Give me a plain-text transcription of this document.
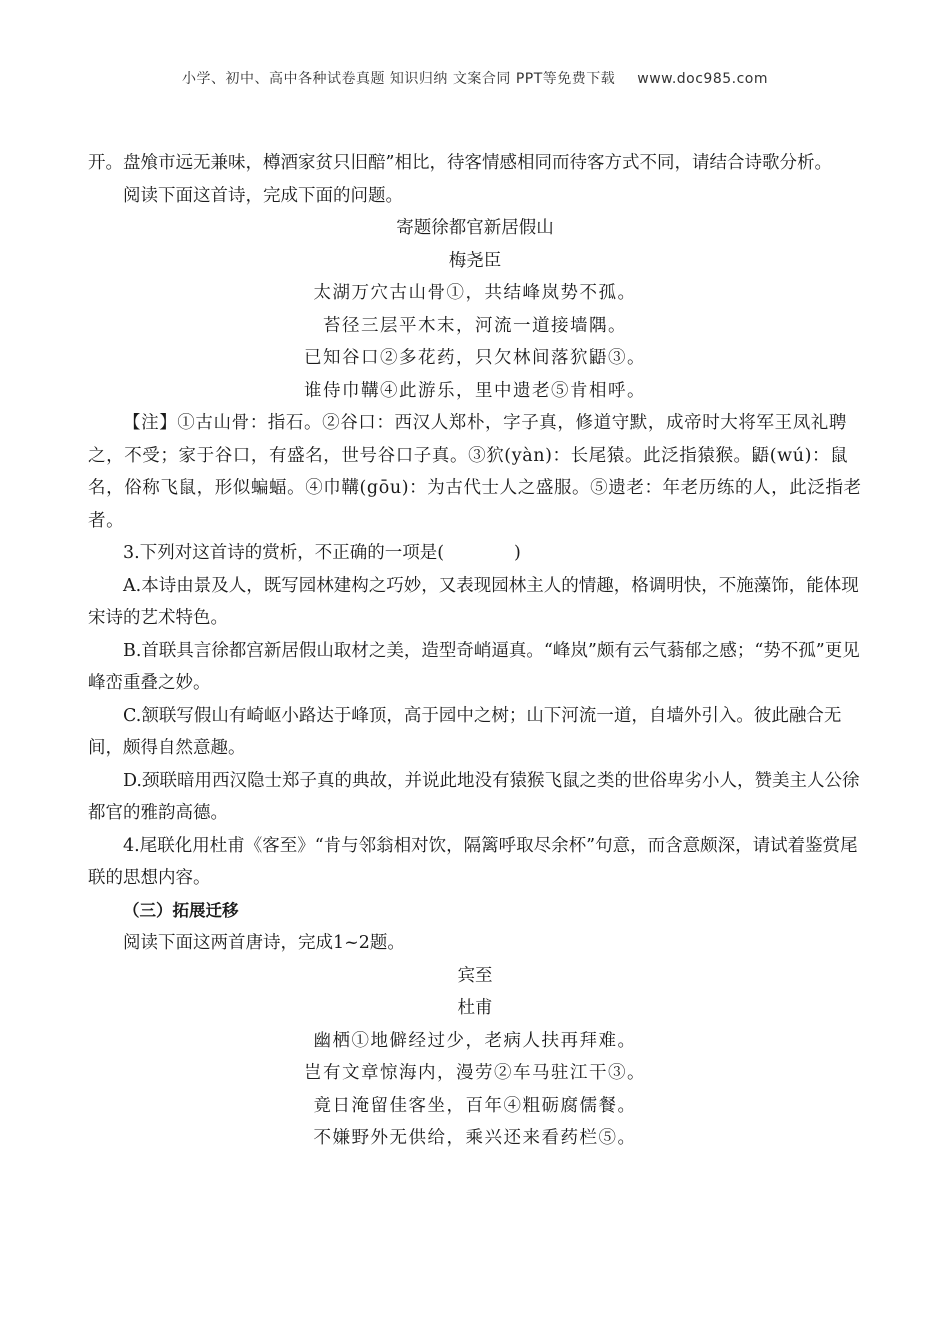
小学、初中、高中各种试卷真题 知识归纳 文案合同 PPT等免费下载 www.doc985.com

开。盘飧市远无兼味，樽酒家贫只旧醅”相比，待客情感相同而待客方式不同，请结合诗歌分析。

阅读下面这首诗，完成下面的问题。

寄题徐都官新居假山

梅尧臣

太湖万穴古山骨①，共结峰岚势不孤。

苔径三层平木末，河流一道接墙隅。

已知谷口②多花药，只欠林间落狖鼯③。

谁侍巾鞲④此游乐，里中遗老⑤肯相呼。

【注】①古山骨：指石。②谷口：西汉人郑朴，字子真，修道守默，成帝时大将军王凤礼聘之，不受；家于谷口，有盛名，世号谷口子真。③狖(yàn)：长尾猿。此泛指猿猴。鼯(wú)：鼠名，俗称飞鼠，形似蝙蝠。④巾鞲(gōu)：为古代士人之盛服。⑤遗老：年老历练的人，此泛指老者。

3.下列对这首诗的赏析，不正确的一项是(	)

A.本诗由景及人，既写园林建构之巧妙，又表现园林主人的情趣，格调明快，不施藻饰，能体现宋诗的艺术特色。

B.首联具言徐都宫新居假山取材之美，造型奇峭逼真。“峰岚”颇有云气蓊郁之感；“势不孤”更见峰峦重叠之妙。

C.颔联写假山有崎岖小路达于峰顶，高于园中之树；山下河流一道，自墙外引入。彼此融合无间，颇得自然意趣。

D.颈联暗用西汉隐士郑子真的典故，并说此地没有猿猴飞鼠之类的世俗卑劣小人，赞美主人公徐都官的雅韵高德。

4.尾联化用杜甫《客至》“肯与邻翁相对饮，隔篱呼取尽余杯”句意，而含意颇深，请试着鉴赏尾联的思想内容。

（三）拓展迁移

阅读下面这两首唐诗，完成1~2题。

宾至

杜甫

幽栖①地僻经过少，老病人扶再拜难。

岂有文章惊海内，漫劳②车马驻江干③。

竟日淹留佳客坐，百年④粗砺腐儒餐。

不嫌野外无供给，乘兴还来看药栏⑤。
